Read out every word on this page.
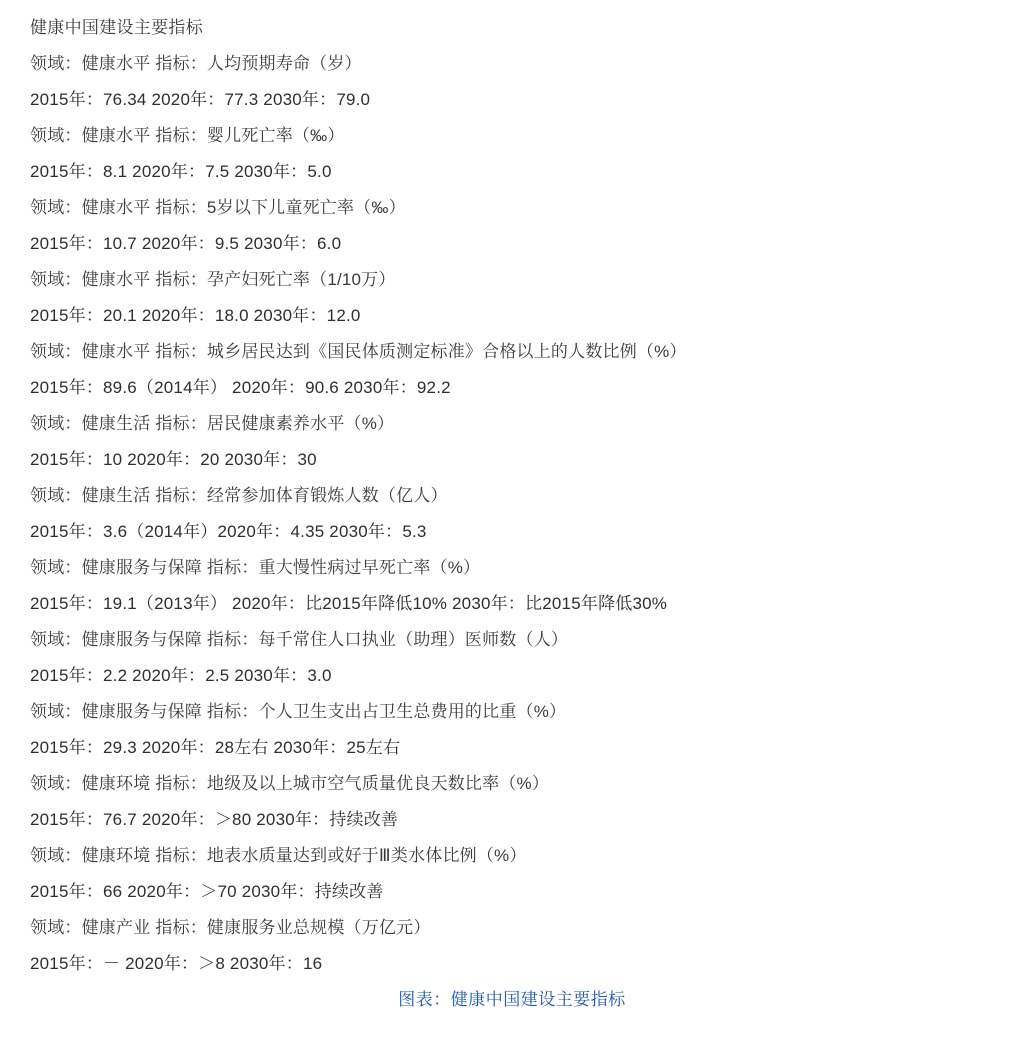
健康中国建设主要指标
领域：健康水平 指标：人均预期寿命（岁）
2015年：76.34 2020年：77.3 2030年：79.0
领域：健康水平 指标：婴儿死亡率（‰）
2015年：8.1 2020年：7.5 2030年：5.0
领域：健康水平 指标：5岁以下儿童死亡率（‰）
2015年：10.7 2020年：9.5 2030年：6.0
领域：健康水平 指标：孕产妇死亡率（1/10万）
2015年：20.1 2020年：18.0 2030年：12.0
领域：健康水平 指标：城乡居民达到《国民体质测定标准》合格以上的人数比例（%）
2015年：89.6（2014年） 2020年：90.6 2030年：92.2
领域：健康生活 指标：居民健康素养水平（%）
2015年：10 2020年：20 2030年：30
领域：健康生活 指标：经常参加体育锻炼人数（亿人）
2015年：3.6（2014年）2020年：4.35 2030年：5.3
领域：健康服务与保障 指标：重大慢性病过早死亡率（%）
2015年：19.1（2013年） 2020年：比2015年降低10% 2030年：比2015年降低30%
领域：健康服务与保障 指标：每千常住人口执业（助理）医师数（人）
2015年：2.2 2020年：2.5 2030年：3.0
领域：健康服务与保障 指标：个人卫生支出占卫生总费用的比重（%）
2015年：29.3 2020年：28左右 2030年：25左右
领域：健康环境 指标：地级及以上城市空气质量优良天数比率（%）
2015年：76.7 2020年：＞80 2030年：持续改善
领域：健康环境 指标：地表水质量达到或好于Ⅲ类水体比例（%）
2015年：66 2020年：＞70 2030年：持续改善
领域：健康产业 指标：健康服务业总规模（万亿元）
2015年：－ 2020年：＞8 2030年：16
图表：健康中国建设主要指标
